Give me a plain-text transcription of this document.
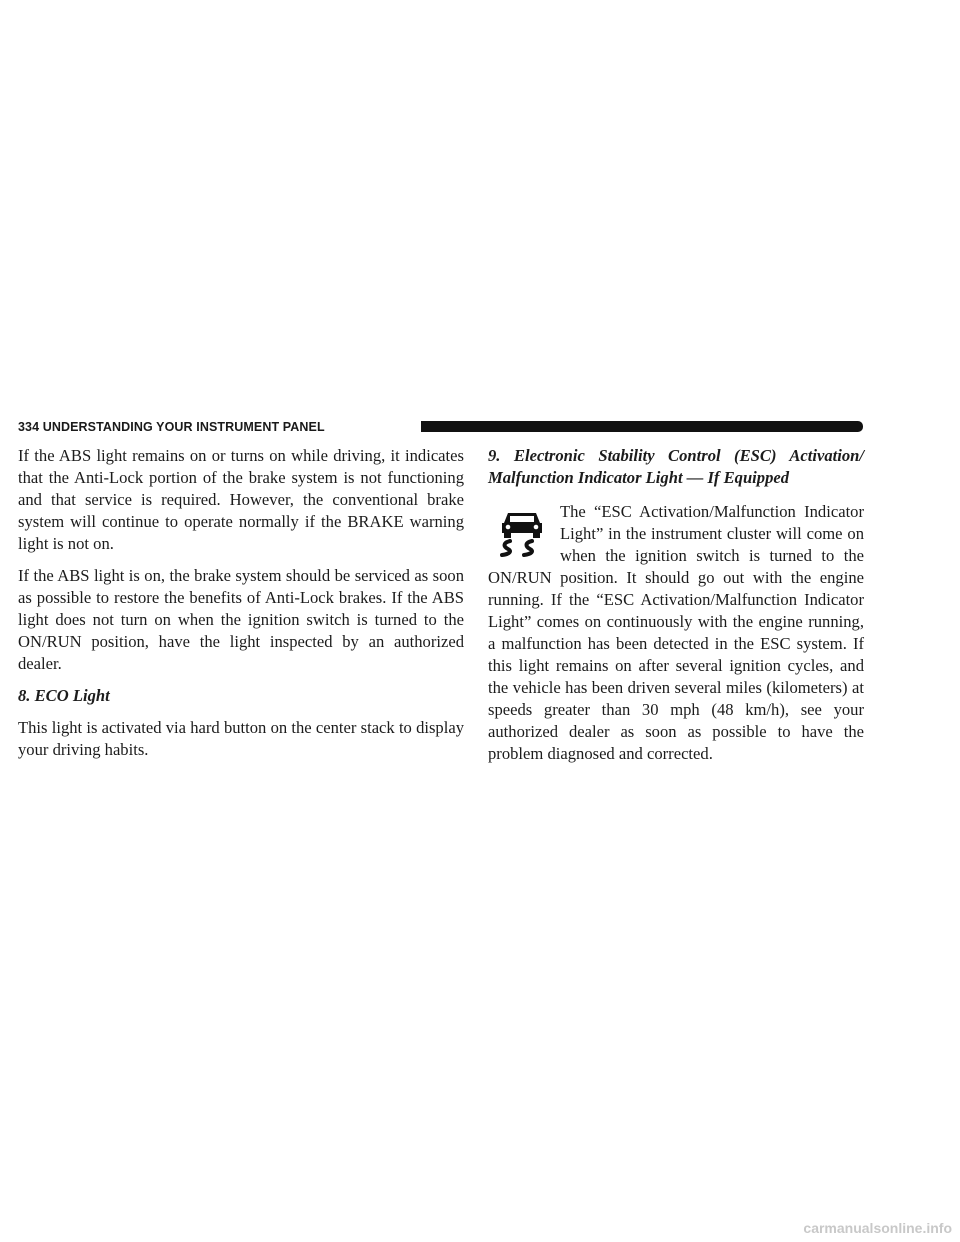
334 UNDERSTANDING YOUR INSTRUMENT PANEL

If the ABS light remains on or turns on while driving, it indicates that the Anti-Lock portion of the brake system is not functioning and that service is required. However, the conventional brake system will continue to operate normally if the BRAKE warning light is not on.

If the ABS light is on, the brake system should be serviced as soon as possible to restore the benefits of Anti-Lock brakes. If the ABS light does not turn on when the ignition switch is turned to the ON/RUN position, have the light inspected by an authorized dealer.

8. ECO Light

This light is activated via hard button on the center stack to display your driving habits.

9. Electronic Stability Control (ESC) Activation/ Malfunction Indicator Light — If Equipped

The “ESC Activation/Malfunction Indicator Light” in the instrument cluster will come on when the ignition switch is turned to the ON/RUN position. It should go out with the engine running. If the “ESC Activation/Malfunction Indicator Light” comes on continuously with the engine running, a malfunction has been detected in the ESC system. If this light remains on after several ignition cycles, and the vehicle has been driven several miles (kilometers) at speeds greater than 30 mph (48 km/h), see your authorized dealer as soon as possible to have the problem diagnosed and corrected.

carmanualsonline.info
